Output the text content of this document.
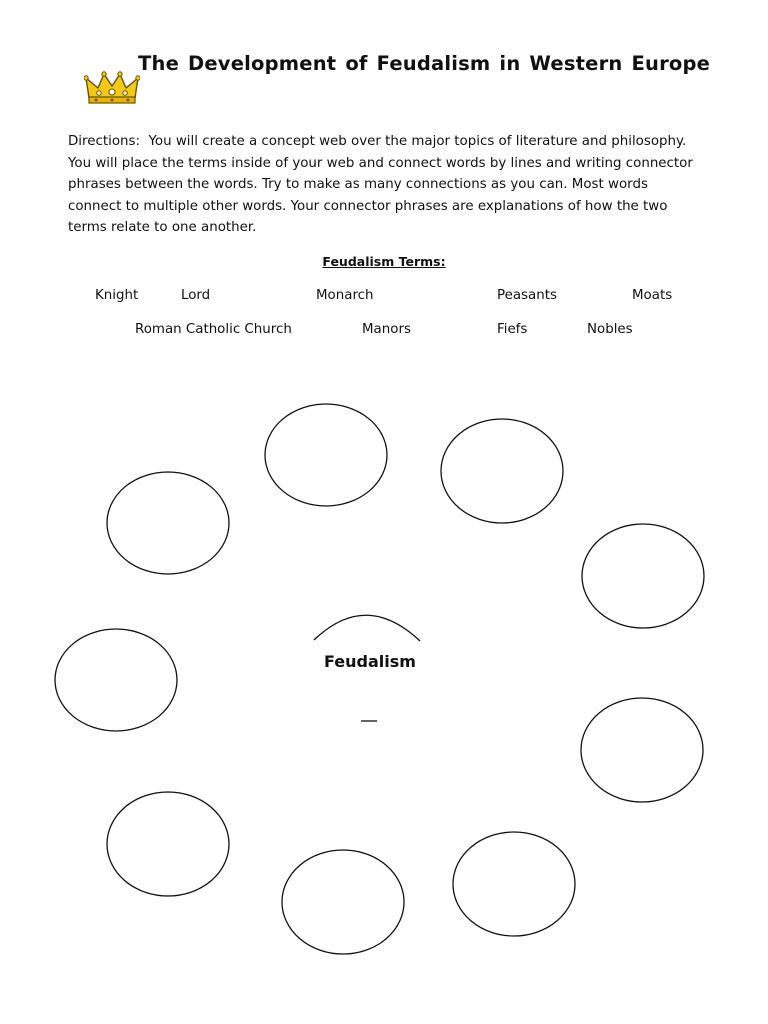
The Development of Feudalism in Western Europe
Directions: You will create a concept web over the major topics of literature and philosophy.
You will place the terms inside of your web and connect words by lines and writing connector
phrases between the words. Try to make as many connections as you can. Most words
connect to multiple other words. Your connector phrases are explanations of how the two
terms relate to one another.
Feudalism Terms:
Knight	Lord	Monarch	Peasants	Moats
Roman Catholic Church	Manors	Fiefs	Nobles
Feudalism
